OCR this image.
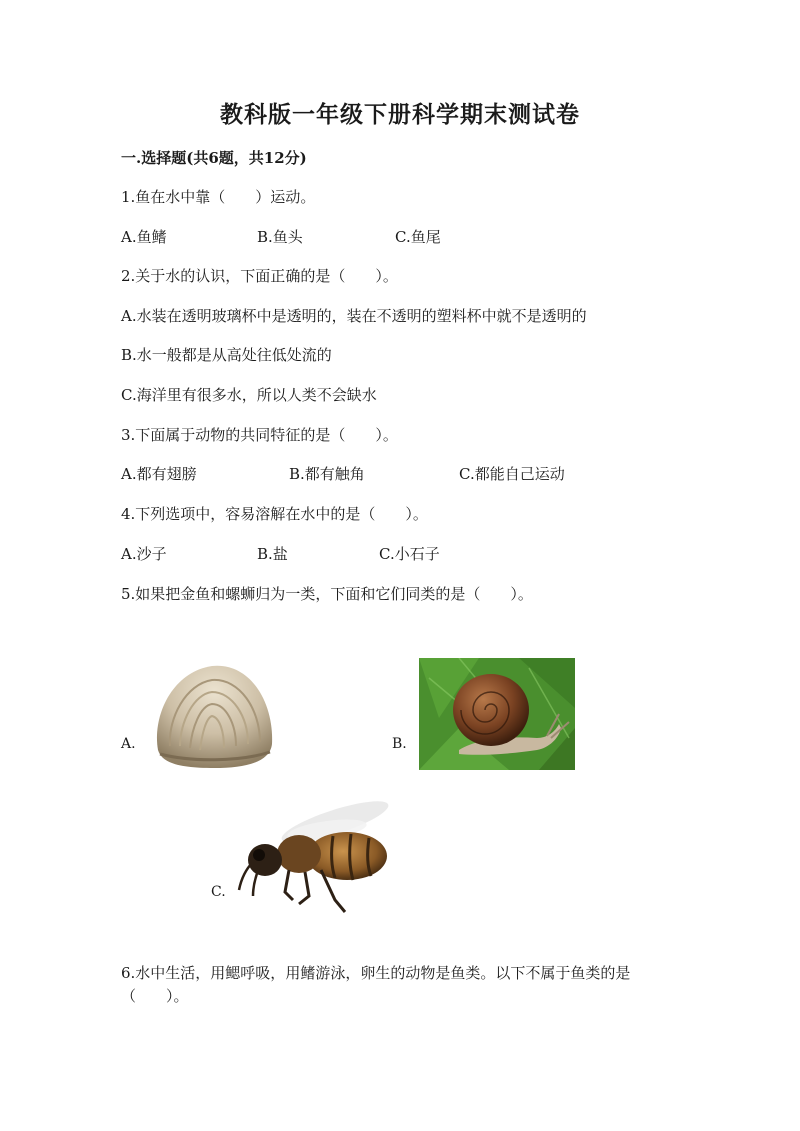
教科版一年级下册科学期末测试卷
一.选择题(共6题，共12分)
1.鱼在水中靠（　　）运动。
A.鱼鳍	B.鱼头	C.鱼尾
2.关于水的认识，下面正确的是（　　）。
A.水装在透明玻璃杯中是透明的，装在不透明的塑料杯中就不是透明的
B.水一般都是从高处往低处流的
C.海洋里有很多水，所以人类不会缺水
3.下面属于动物的共同特征的是（　　）。
A.都有翅膀	B.都有触角	C.都能自己运动
4.下列选项中，容易溶解在水中的是（　　）。
A.沙子	B.盐	C.小石子
5.如果把金鱼和螺蛳归为一类，下面和它们同类的是（　　）。
A.	B.
C.
6.水中生活，用鳃呼吸，用鳍游泳，卵生的动物是鱼类。以下不属于鱼类的是
（　　）。
